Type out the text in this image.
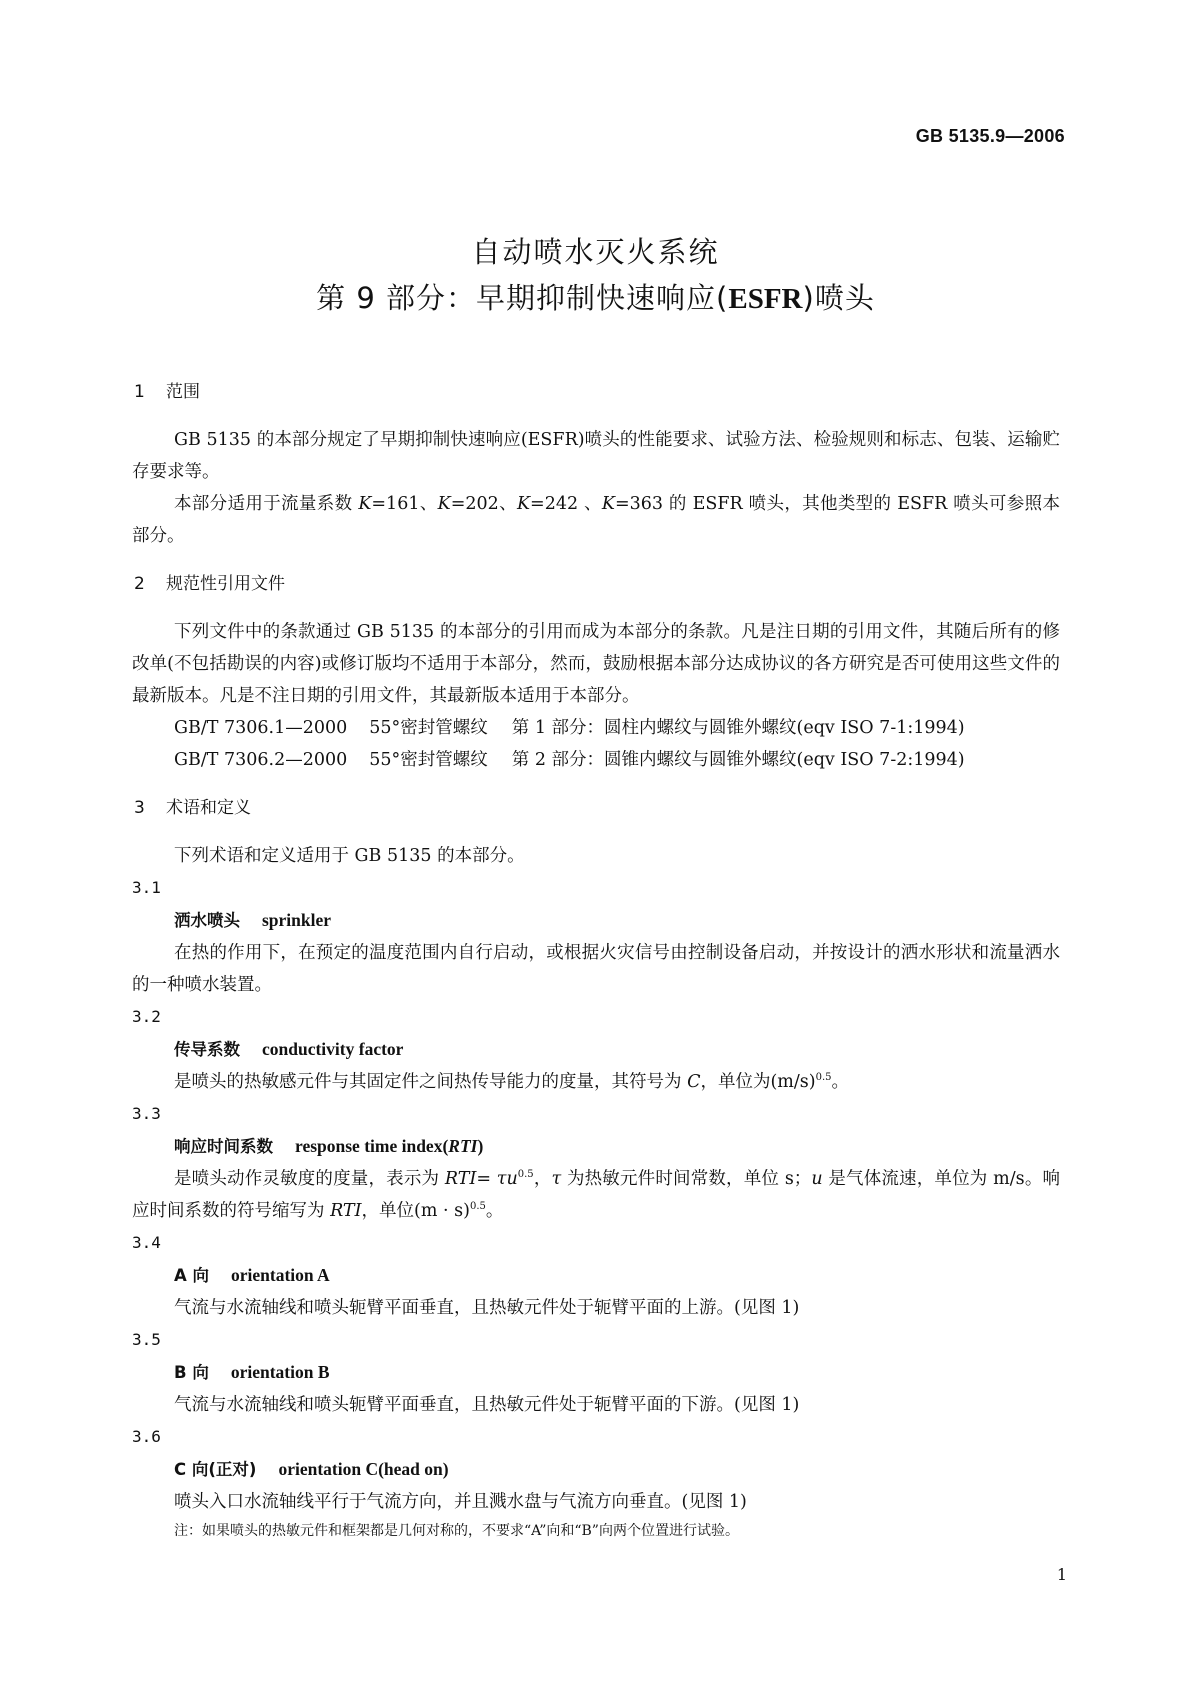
GB 5135.9—2006
自动喷水灭火系统
第 9 部分：早期抑制快速响应(ESFR)喷头

1 范围

GB 5135 的本部分规定了早期抑制快速响应(ESFR)喷头的性能要求、试验方法、检验规则和标志、包装、运输贮存要求等。

本部分适用于流量系数 K=161、K=202、K=242 、K=363 的 ESFR 喷头，其他类型的 ESFR 喷头可参照本部分。

2 规范性引用文件

下列文件中的条款通过 GB 5135 的本部分的引用而成为本部分的条款。凡是注日期的引用文件，其随后所有的修改单(不包括勘误的内容)或修订版均不适用于本部分，然而，鼓励根据本部分达成协议的各方研究是否可使用这些文件的最新版本。凡是不注日期的引用文件，其最新版本适用于本部分。

GB/T 7306.1—2000 55°密封管螺纹 第 1 部分：圆柱内螺纹与圆锥外螺纹(eqv ISO 7-1:1994)

GB/T 7306.2—2000 55°密封管螺纹 第 2 部分：圆锥内螺纹与圆锥外螺纹(eqv ISO 7-2:1994)

3 术语和定义

下列术语和定义适用于 GB 5135 的本部分。

3.1

洒水喷头 sprinkler

在热的作用下，在预定的温度范围内自行启动，或根据火灾信号由控制设备启动，并按设计的洒水形状和流量洒水的一种喷水装置。

3.2

传导系数 conductivity factor

是喷头的热敏感元件与其固定件之间热传导能力的度量，其符号为 C，单位为$(m/s)^{0.5}$。

3.3

响应时间系数 response time index(RTI)

是喷头动作灵敏度的度量，表示为 $RTI= \tau u^{0.5}$，τ 为热敏元件时间常数，单位 s；u 是气体流速，单位为 m/s。响应时间系数的符号缩写为 RTI，单位$(m \cdot s)^{0.5}$。

3.4

A 向 orientation A

气流与水流轴线和喷头轭臂平面垂直，且热敏元件处于轭臂平面的上游。(见图 1)

3.5

B 向 orientation B

气流与水流轴线和喷头轭臂平面垂直，且热敏元件处于轭臂平面的下游。(见图 1)

3.6

C 向(正对) orientation C(head on)

喷头入口水流轴线平行于气流方向，并且溅水盘与气流方向垂直。(见图 1)

注：如果喷头的热敏元件和框架都是几何对称的，不要求“A”向和“B”向两个位置进行试验。

1
